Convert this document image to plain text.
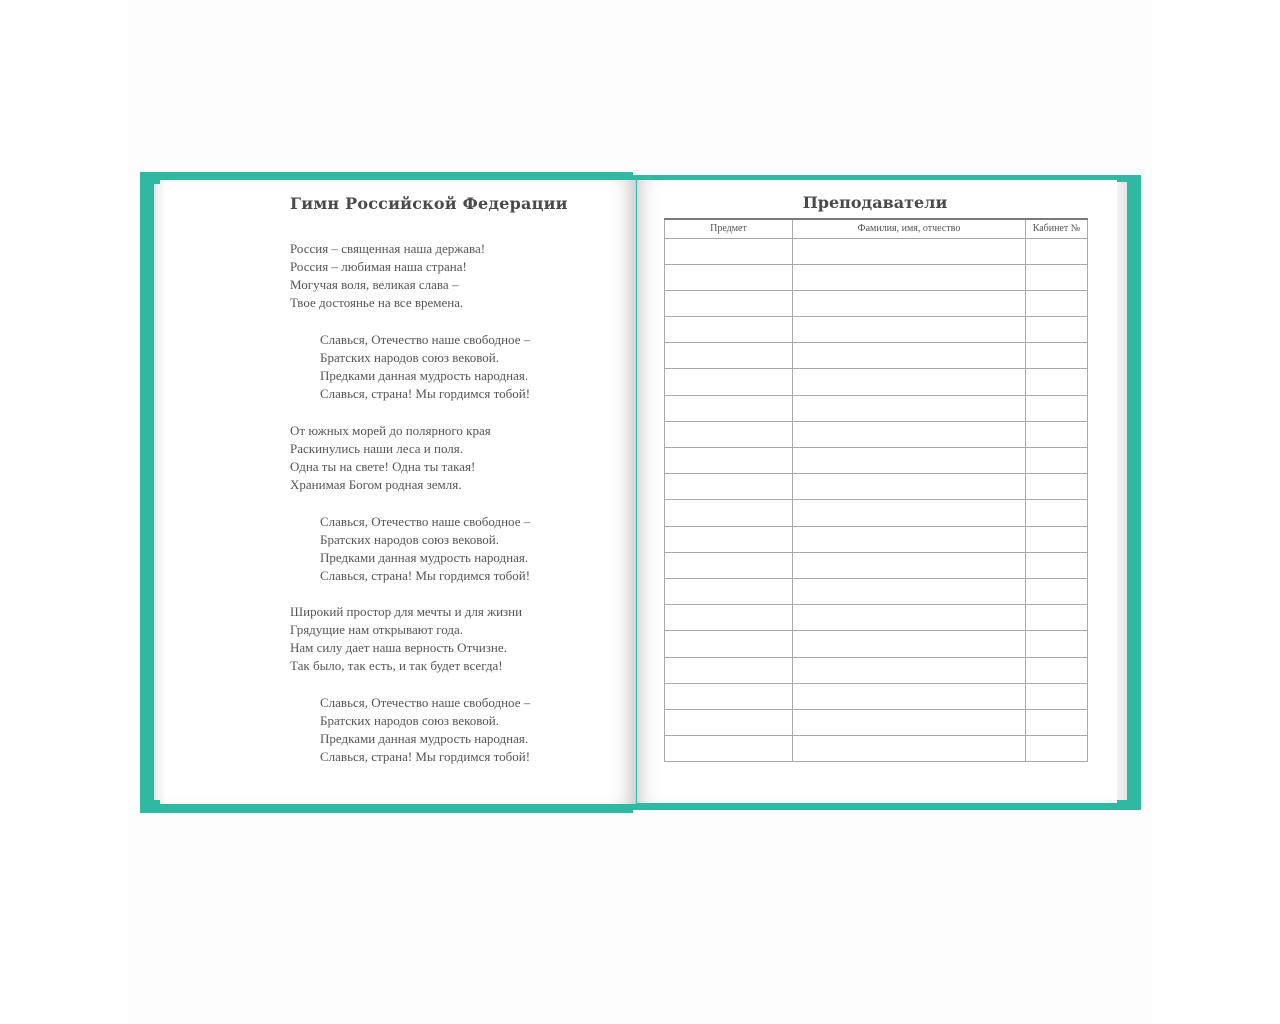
Гимн Российской Федерации
Россия – священная наша держава!
Россия – любимая наша страна!
Могучая воля, великая слава –
Твое достоянье на все времена.
Славься, Отечество наше свободное –
Братских народов союз вековой.
Предками данная мудрость народная.
Славься, страна! Мы гордимся тобой!
От южных морей до полярного края
Раскинулись наши леса и поля.
Одна ты на свете! Одна ты такая!
Хранимая Богом родная земля.
Славься, Отечество наше свободное –
Братских народов союз вековой.
Предками данная мудрость народная.
Славься, страна! Мы гордимся тобой!
Широкий простор для мечты и для жизни
Грядущие нам открывают года.
Нам силу дает наша верность Отчизне.
Так было, так есть, и так будет всегда!
Славься, Отечество наше свободное –
Братских народов союз вековой.
Предками данная мудрость народная.
Славься, страна! Мы гордимся тобой!
Преподаватели
Предмет	Фамилия, имя, отчество	Кабинет №
